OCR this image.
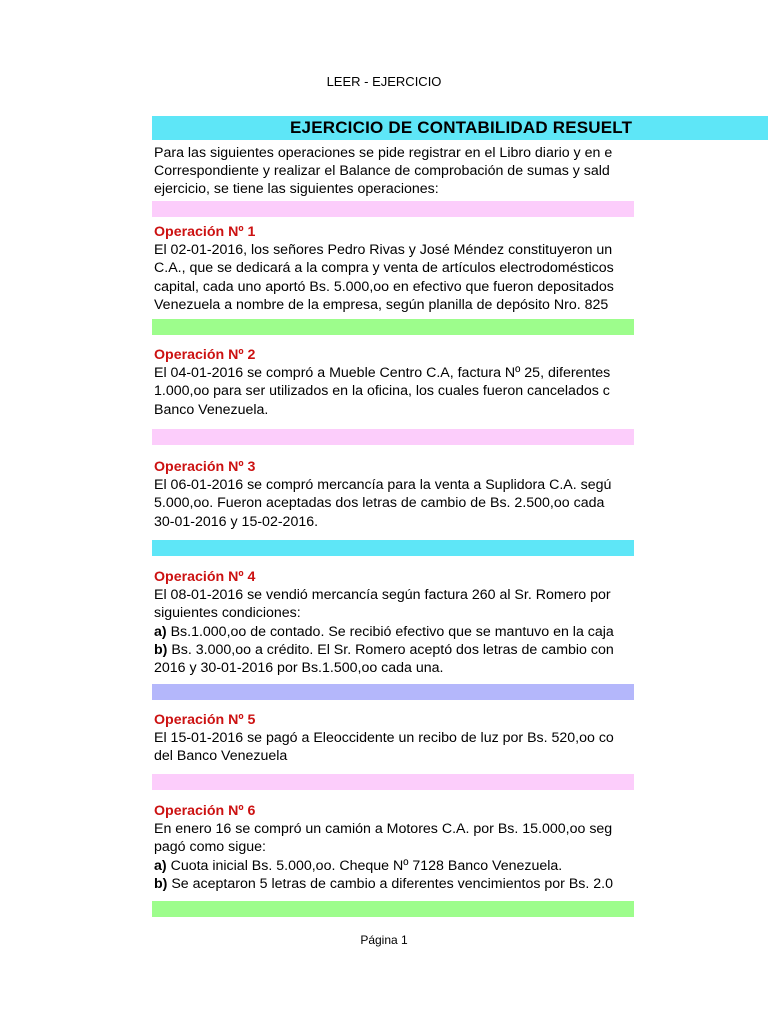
LEER - EJERCICIO
EJERCICIO DE CONTABILIDAD RESUELT
Para las siguientes operaciones se pide registrar en el Libro diario y en e
Correspondiente y realizar el Balance de comprobación de sumas y sald
ejercicio, se tiene las siguientes operaciones:
Operación Nº 1
El 02-01-2016, los señores Pedro Rivas y José Méndez constituyeron un
C.A., que se dedicará a la compra y venta de artículos electrodomésticos
capital, cada uno aportó Bs. 5.000,oo en efectivo que fueron depositados
Venezuela a nombre de la empresa, según planilla de depósito Nro. 825
Operación Nº 2
El 04-01-2016 se compró a Mueble Centro C.A, factura Nº 25, diferentes
1.000,oo para ser utilizados en la oficina, los cuales fueron cancelados c
Banco Venezuela.
Operación Nº 3
El 06-01-2016 se compró mercancía para la venta a Suplidora C.A. segú
5.000,oo. Fueron aceptadas dos letras de cambio de Bs. 2.500,oo cada
30-01-2016 y 15-02-2016.
Operación Nº 4
El 08-01-2016 se vendió mercancía según factura 260 al Sr. Romero por
siguientes condiciones:
a) Bs.1.000,oo de contado. Se recibió efectivo que se mantuvo en la caja
b) Bs. 3.000,oo a crédito. El Sr. Romero aceptó dos letras de cambio con
2016 y 30-01-2016 por Bs.1.500,oo cada una.
Operación Nº 5
El 15-01-2016 se pagó a Eleoccidente un recibo de luz por Bs. 520,oo co
del Banco Venezuela
Operación Nº 6
En enero 16 se compró un camión a Motores C.A. por Bs. 15.000,oo seg
pagó como sigue:
a) Cuota inicial Bs. 5.000,oo. Cheque Nº 7128 Banco Venezuela.
b) Se aceptaron 5 letras de cambio a diferentes vencimientos por Bs. 2.0
Página 1
